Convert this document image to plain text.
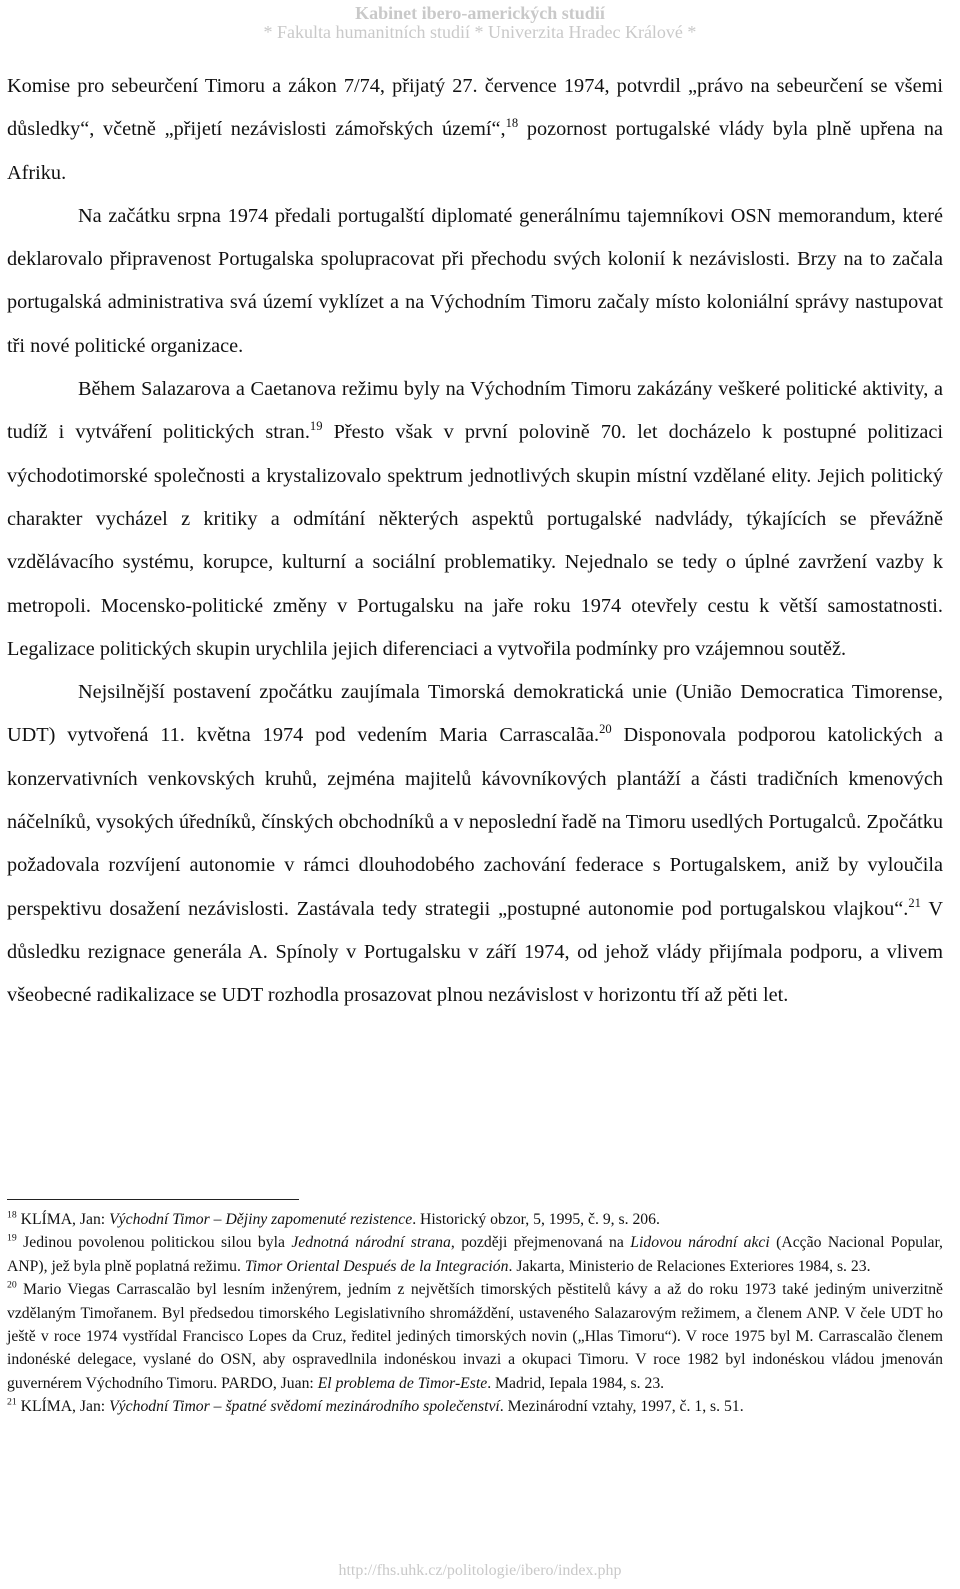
Kabinet ibero-amerických studií
* Fakulta humanitních studií * Univerzita Hradec Králové *

Komise pro sebeurčení Timoru a zákon 7/74, přijatý 27. července 1974, potvrdil „právo na sebeurčení se všemi důsledky“, včetně „přijetí nezávislosti zámořských území“,$^{18}$ pozornost portugalské vlády byla plně upřena na Afriku.

Na začátku srpna 1974 předali portugalští diplomaté generálnímu tajemníkovi OSN memorandum, které deklarovalo připravenost Portugalska spolupracovat při přechodu svých kolonií k nezávislosti. Brzy na to začala portugalská administrativa svá území vyklízet a na Východním Timoru začaly místo koloniální správy nastupovat tři nové politické organizace.

Během Salazarova a Caetanova režimu byly na Východním Timoru zakázány veškeré politické aktivity, a tudíž i vytváření politických stran.$^{19}$ Přesto však v první polovině 70. let docházelo k postupné politizaci východotimorské společnosti a krystalizovalo spektrum jednotlivých skupin místní vzdělané elity. Jejich politický charakter vycházel z kritiky a odmítání některých aspektů portugalské nadvlády, týkajících se převážně vzdělávacího systému, korupce, kulturní a sociální problematiky. Nejednalo se tedy o úplné zavržení vazby k metropoli. Mocensko-politické změny v Portugalsku na jaře roku 1974 otevřely cestu k větší samostatnosti. Legalizace politických skupin urychlila jejich diferenciaci a vytvořila podmínky pro vzájemnou soutěž.

Nejsilnější postavení zpočátku zaujímala Timorská demokratická unie (União Democratica Timorense, UDT) vytvořená 11. května 1974 pod vedením Maria Carrascalãa.$^{20}$ Disponovala podporou katolických a konzervativních venkovských kruhů, zejména majitelů kávovníkových plantáží a části tradičních kmenových náčelníků, vysokých úředníků, čínských obchodníků a v neposlední řadě na Timoru usedlých Portugalců. Zpočátku požadovala rozvíjení autonomie v rámci dlouhodobého zachování federace s Portugalskem, aniž by vyloučila perspektivu dosažení nezávislosti. Zastávala tedy strategii „postupné autonomie pod portugalskou vlajkou“.$^{21}$ V důsledku rezignace generála A. Spínoly v Portugalsku v září 1974, od jehož vlády přijímala podporu, a vlivem všeobecné radikalizace se UDT rozhodla prosazovat plnou nezávislost v horizontu tří až pěti let.

$^{18}$ KLÍMA, Jan: Východní Timor – Dějiny zapomenuté rezistence. Historický obzor, 5, 1995, č. 9, s. 206.

$^{19}$ Jedinou povolenou politickou silou byla Jednotná národní strana, později přejmenovaná na Lidovou národní akci (Acção Nacional Popular, ANP), jež byla plně poplatná režimu. Timor Oriental Después de la Integración. Jakarta, Ministerio de Relaciones Exteriores 1984, s. 23.

$^{20}$ Mario Viegas Carrascalão byl lesním inženýrem, jedním z největších timorských pěstitelů kávy a až do roku 1973 také jediným univerzitně vzdělaným Timořanem. Byl předsedou timorského Legislativního shromáždění, ustaveného Salazarovým režimem, a členem ANP. V čele UDT ho ještě v roce 1974 vystřídal Francisco Lopes da Cruz, ředitel jediných timorských novin („Hlas Timoru“). V roce 1975 byl M. Carrascalão členem indonéské delegace, vyslané do OSN, aby ospravedlnila indonéskou invazi a okupaci Timoru. V roce 1982 byl indonéskou vládou jmenován guvernérem Východního Timoru. PARDO, Juan: El problema de Timor-Este. Madrid, Iepala 1984, s. 23.

$^{21}$ KLÍMA, Jan: Východní Timor – špatné svědomí mezinárodního společenství. Mezinárodní vztahy, 1997, č. 1, s. 51.

http://fhs.uhk.cz/politologie/ibero/index.php
